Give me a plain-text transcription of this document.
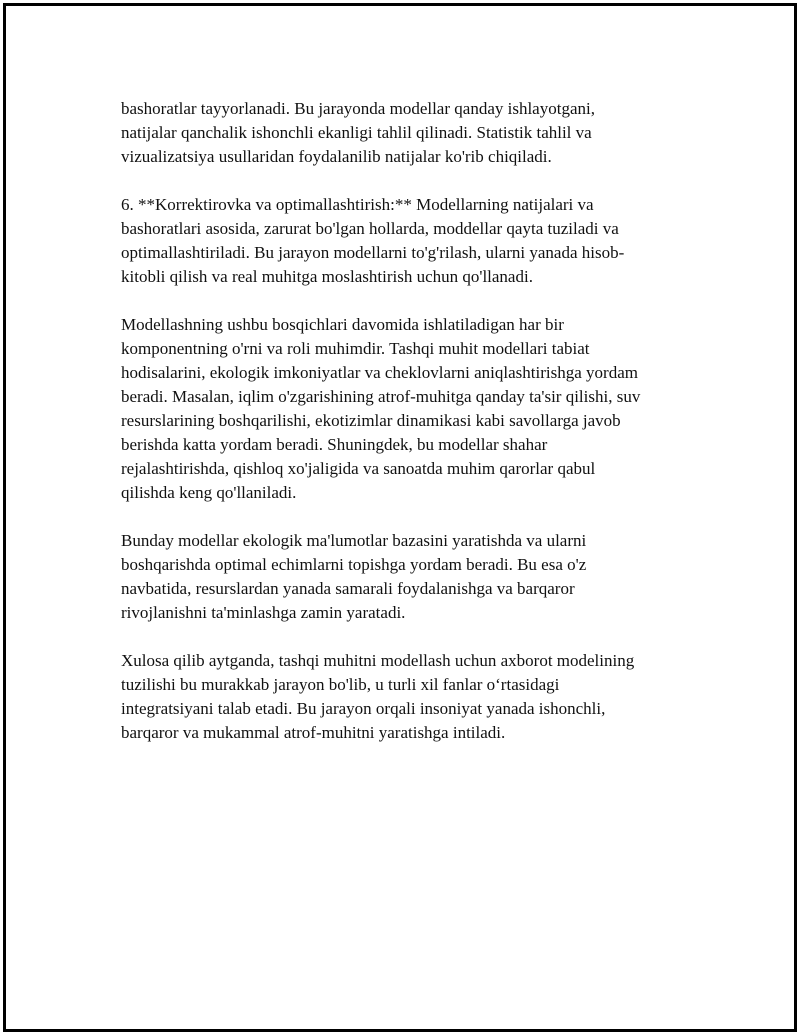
bashoratlar tayyorlanadi. Bu jarayonda modellar qanday ishlayotgani,
natijalar qanchalik ishonchli ekanligi tahlil qilinadi. Statistik tahlil va
vizualizatsiya usullaridan foydalanilib natijalar ko'rib chiqiladi.

6. **Korrektirovka va optimallashtirish:** Modellarning natijalari va
bashoratlari asosida, zarurat bo'lgan hollarda, moddellar qayta tuziladi va
optimallashtiriladi. Bu jarayon modellarni to'g'rilash, ularni yanada hisob-
kitobli qilish va real muhitga moslashtirish uchun qo'llanadi.

Modellashning ushbu bosqichlari davomida ishlatiladigan har bir
komponentning o'rni va roli muhimdir. Tashqi muhit modellari tabiat
hodisalarini, ekologik imkoniyatlar va cheklovlarni aniqlashtirishga yordam
beradi. Masalan, iqlim o'zgarishining atrof-muhitga qanday ta'sir qilishi, suv
resurslarining boshqarilishi, ekotizimlar dinamikasi kabi savollarga javob
berishda katta yordam beradi. Shuningdek, bu modellar shahar
rejalashtirishda, qishloq xo'jaligida va sanoatda muhim qarorlar qabul
qilishda keng qo'llaniladi.

Bunday modellar ekologik ma'lumotlar bazasini yaratishda va ularni
boshqarishda optimal echimlarni topishga yordam beradi. Bu esa o'z
navbatida, resurslardan yanada samarali foydalanishga va barqaror
rivojlanishni ta'minlashga zamin yaratadi.

Xulosa qilib aytganda, tashqi muhitni modellash uchun axborot modelining
tuzilishi bu murakkab jarayon bo'lib, u turli xil fanlar o‘rtasidagi
integratsiyani talab etadi. Bu jarayon orqali insoniyat yanada ishonchli,
barqaror va mukammal atrof-muhitni yaratishga intiladi.
